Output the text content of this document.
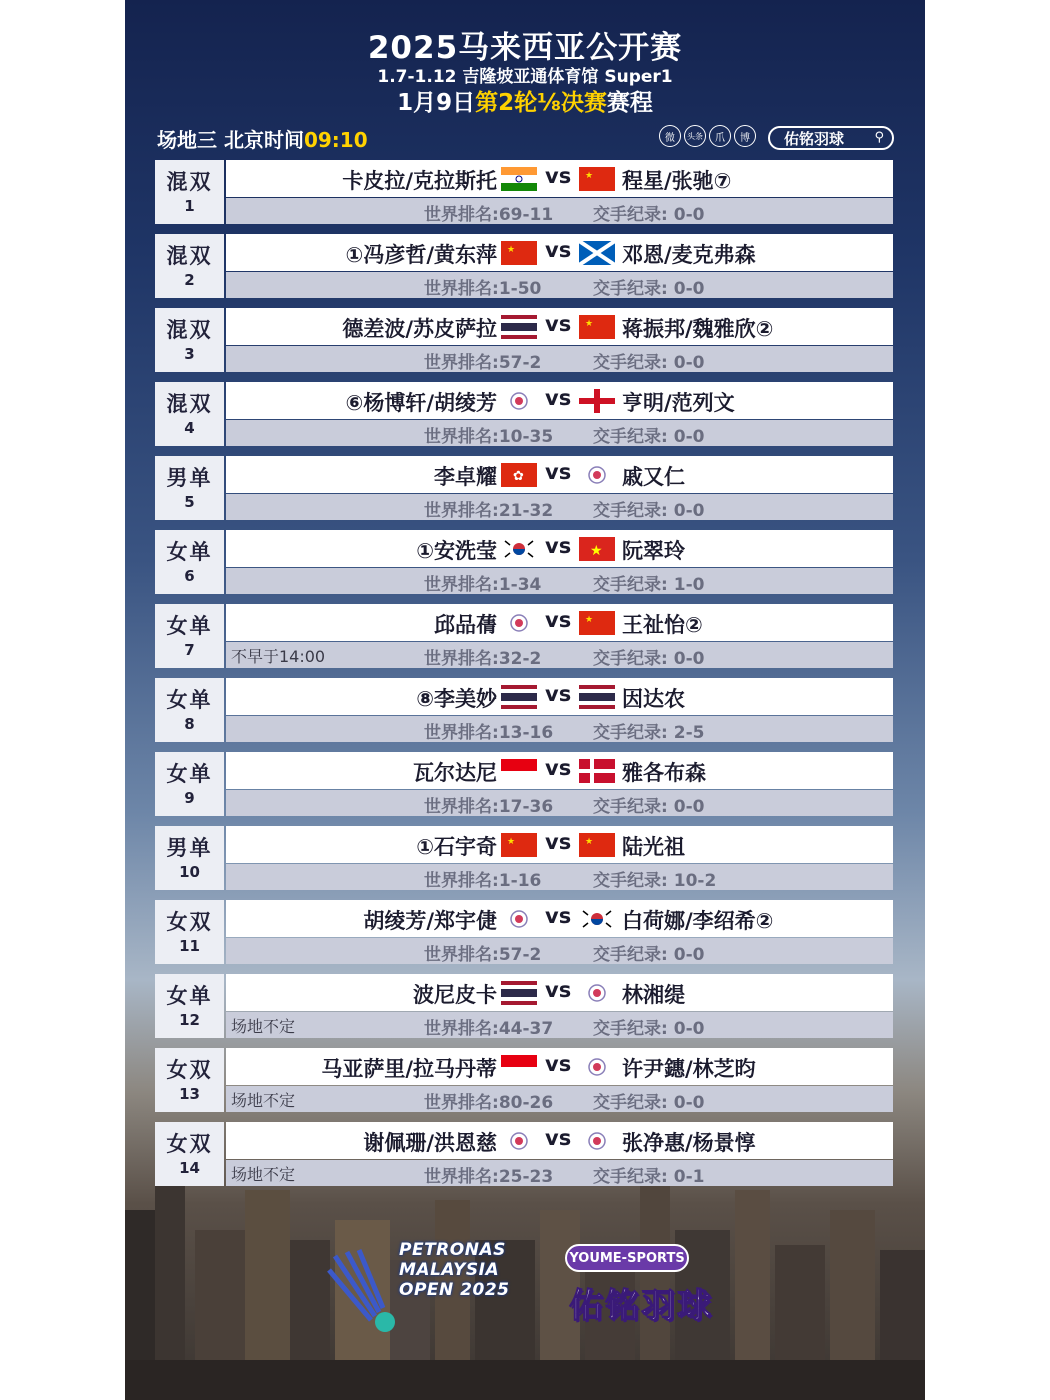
2025马来西亚公开赛
1.7-1.12 吉隆坡亚通体育馆 Super1
1月9日第2轮⅛决赛赛程
场地三 北京时间09:10	微	头条	爪	博	佑铭羽球 ⚲
混双
1
卡皮拉/克拉斯托 vs ★ 程星/张驰⑦
世界排名:69-11 交手纪录: 0-0
混双
2
①冯彦哲/黄东萍 ★ vs 邓恩/麦克弗森
世界排名:1-50	交手纪录: 0-0
混双
3
德差波/苏皮萨拉 vs ★ 蒋振邦/魏雅欣②
世界排名:57-2	交手纪录: 0-0
混双
4
⑥杨博轩/胡绫芳 vs 亨明/范列文
世界排名:10-35 交手纪录: 0-0
男单
5
李卓耀 ✿ vs 戚又仁
世界排名:21-32 交手纪录: 0-0
女单
6
①安洗莹 vs ★ 阮翠玲
世界排名:1-34	交手纪录: 1-0
女单
7
邱品蒨 vs ★ 王祉怡②
不早于14:00	世界排名:32-2	交手纪录: 0-0
女单
8
⑧李美妙 vs 因达农
世界排名:13-16 交手纪录: 2-5
女单
9
瓦尔达尼 vs 雅各布森
世界排名:17-36 交手纪录: 0-0
男单
10
①石宇奇 ★ vs ★ 陆光祖
世界排名:1-16	交手纪录: 10-2
女双
11
胡绫芳/郑宇倢 vs 白荷娜/李绍希②
世界排名:57-2	交手纪录: 0-0
女单
12
波尼皮卡 vs 林湘缇
场地不定	世界排名:44-37 交手纪录: 0-0
女双
13
马亚萨里/拉马丹蒂 vs 许尹鏸/林芝昀
场地不定	世界排名:80-26 交手纪录: 0-0
女双
14
谢佩珊/洪恩慈 vs 张净惠/杨景惇
场地不定	世界排名:25-23 交手纪录: 0-1
PETRONAS
MALAYSIA
OPEN 2025
YOUME-SPORTS
佑铭羽球
